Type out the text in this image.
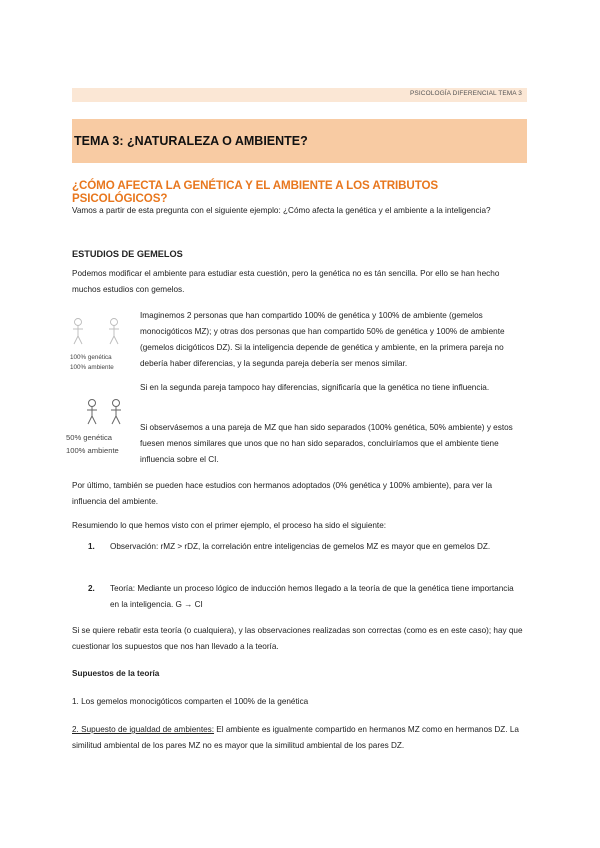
PSICOLOGÍA DIFERENCIAL TEMA 3
TEMA 3: ¿NATURALEZA O AMBIENTE?
¿CÓMO AFECTA LA GENÉTICA Y EL AMBIENTE A LOS ATRIBUTOS PSICOLÓGICOS?
Vamos a partir de esta pregunta con el siguiente ejemplo: ¿Cómo afecta la genética y el ambiente a la inteligencia?
ESTUDIOS DE GEMELOS
Podemos modificar el ambiente para estudiar esta cuestión, pero la genética no es tán sencilla. Por ello se han hecho muchos estudios con gemelos.
100% genética
100% ambiente
Imaginemos 2 personas que han compartido 100% de genética y 100% de ambiente (gemelos monocigóticos MZ); y otras dos personas que han compartido 50% de genética y 100% de ambiente (gemelos dicigóticos DZ). Si la inteligencia depende de genética y ambiente, en la primera pareja no debería haber diferencias, y la segunda pareja debería ser menos similar.
Si en la segunda pareja tampoco hay diferencias, significaría que la genética no tiene influencia.
50% genética
100% ambiente
Si observásemos a una pareja de MZ que han sido separados (100% genética, 50% ambiente) y estos fuesen menos similares que unos que no han sido separados, concluiríamos que el ambiente tiene influencia sobre el CI.
Por último, también se pueden hace estudios con hermanos adoptados (0% genética y 100% ambiente), para ver la influencia del ambiente.
Resumiendo lo que hemos visto con el primer ejemplo, el proceso ha sido el siguiente:
1.	Observación: rMZ > rDZ, la correlación entre inteligencias de gemelos MZ es mayor que en gemelos DZ.
2.	Teoría: Mediante un proceso lógico de inducción hemos llegado a la teoría de que la genética tiene importancia en la inteligencia. G → CI
Si se quiere rebatir esta teoría (o cualquiera), y las observaciones realizadas son correctas (como es en este caso); hay que cuestionar los supuestos que nos han llevado a la teoría.
Supuestos de la teoría
1. Los gemelos monocigóticos comparten el 100% de la genética
2. Supuesto de igualdad de ambientes: El ambiente es igualmente compartido en hermanos MZ como en hermanos DZ. La similitud ambiental de los pares MZ no es mayor que la similitud ambiental de los pares DZ.
